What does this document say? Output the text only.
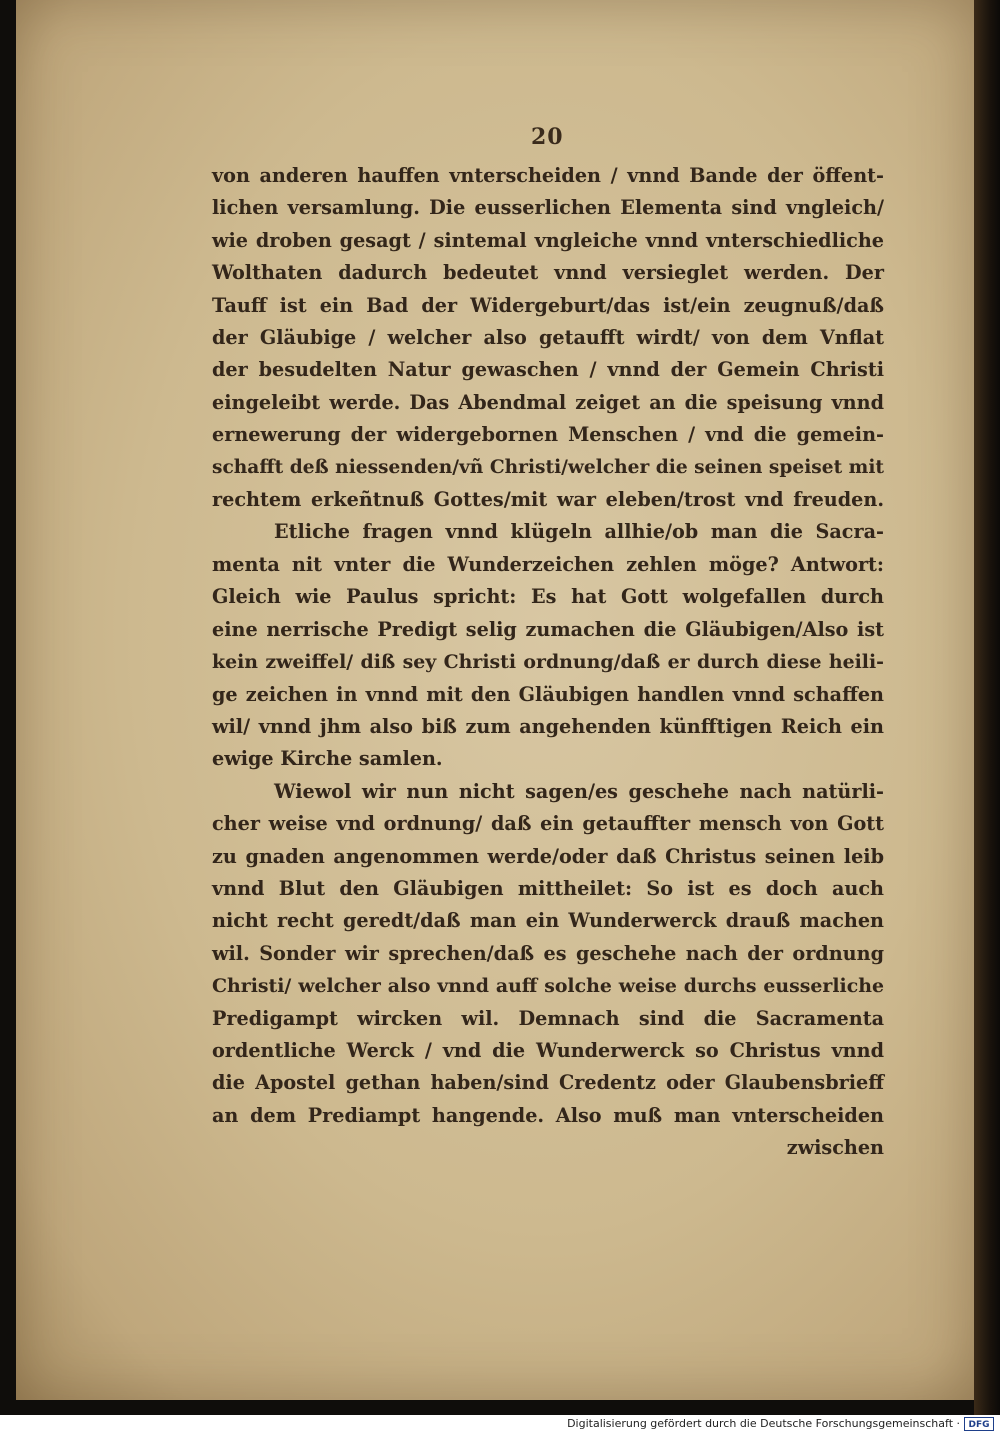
20
von anderen hauffen vnterscheiden / vnnd Bande der öffent-
lichen versamlung. Die eusserlichen Elementa sind vngleich/
wie droben gesagt / sintemal vngleiche vnnd vnterschiedliche
Wolthaten dadurch bedeutet vnnd versieglet werden. Der
Tauff ist ein Bad der Widergeburt/das ist/ein zeugnuß/daß
der Gläubige / welcher also getaufft wirdt/ von dem Vnflat
der besudelten Natur gewaschen / vnnd der Gemein Christi
eingeleibt werde. Das Abendmal zeiget an die speisung vnnd
ernewerung der widergebornen Menschen / vnd die gemein-
schafft deß niessenden/vñ Christi/welcher die seinen speiset mit
rechtem erkeñtnuß Gottes/mit war eleben/trost vnd freuden.
Etliche fragen vnnd klügeln allhie/ob man die Sacra-
menta nit vnter die Wunderzeichen zehlen möge? Antwort:
Gleich wie Paulus spricht: Es hat Gott wolgefallen durch
eine nerrische Predigt selig zumachen die Gläubigen/Also ist
kein zweiffel/ diß sey Christi ordnung/daß er durch diese heili-
ge zeichen in vnnd mit den Gläubigen handlen vnnd schaffen
wil/ vnnd jhm also biß zum angehenden künfftigen Reich ein
ewige Kirche samlen.
Wiewol wir nun nicht sagen/es geschehe nach natürli-
cher weise vnd ordnung/ daß ein getauffter mensch von Gott
zu gnaden angenommen werde/oder daß Christus seinen leib
vnnd Blut den Gläubigen mittheilet: So ist es doch auch
nicht recht geredt/daß man ein Wunderwerck drauß machen
wil. Sonder wir sprechen/daß es geschehe nach der ordnung
Christi/ welcher also vnnd auff solche weise durchs eusserliche
Predigampt wircken wil. Demnach sind die Sacramenta
ordentliche Werck / vnd die Wunderwerck so Christus vnnd
die Apostel gethan haben/sind Credentz oder Glaubensbrieff
an dem Prediampt hangende. Also muß man vnterscheiden
zwischen
Digitalisierung gefördert durch die Deutsche Forschungsgemeinschaft · DFG
